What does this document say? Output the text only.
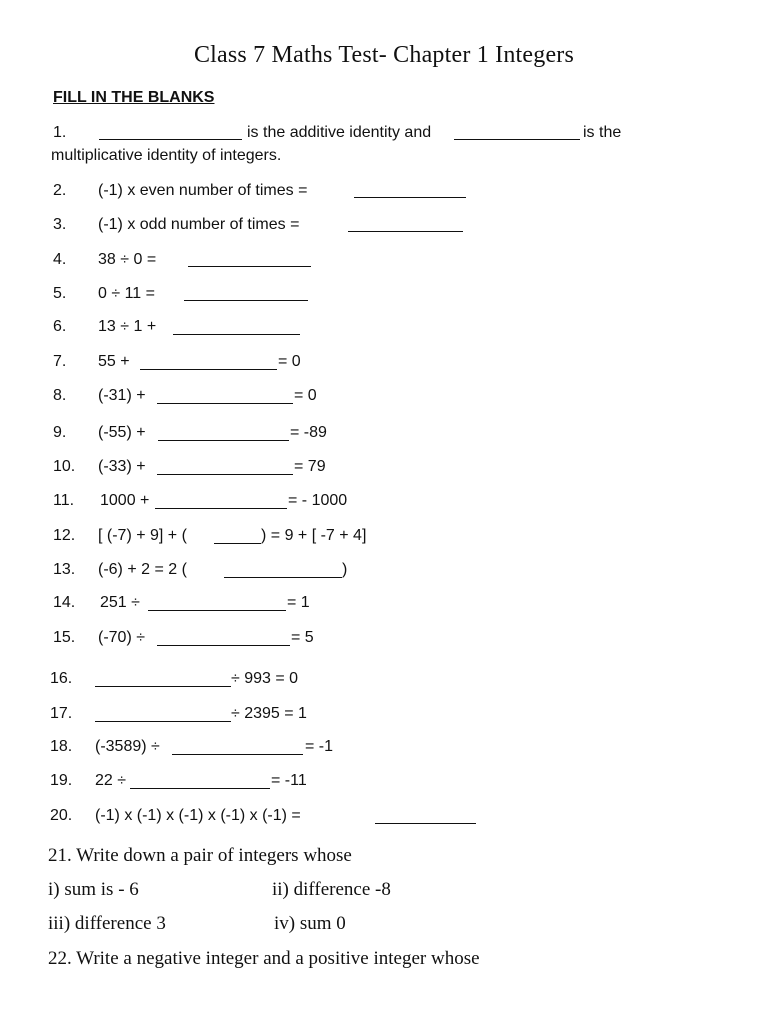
Class 7 Maths Test- Chapter 1 Integers
FILL IN THE BLANKS
1.	is the additive identity and	is the
multiplicative identity of integers.
2. (-1) x even number of times =
3. (-1) x odd number of times =
4. 38 ÷ 0 =
5. 0 ÷ 11 =
6. 13 ÷ 1 +
7. 55 +	= 0
8. (-31) +	= 0
9. (-55) +	= -89
10. (-33) +	= 79
11. 1000 +	= - 1000
12. [ (-7) + 9] + (	) = 9 + [ -7 + 4]
13. (-6) + 2 = 2 (	)
14. 251 ÷	= 1
15. (-70) ÷	= 5
16.	÷ 993 = 0
17.	÷ 2395 = 1
18. (-3589) ÷	= -1
19. 22 ÷	= -11
20. (-1) x (-1) x (-1) x (-1) x (-1) =
21. Write down a pair of integers whose
i) sum is - 6	ii) difference -8
iii) difference 3	iv) sum 0
22. Write a negative integer and a positive integer whose
